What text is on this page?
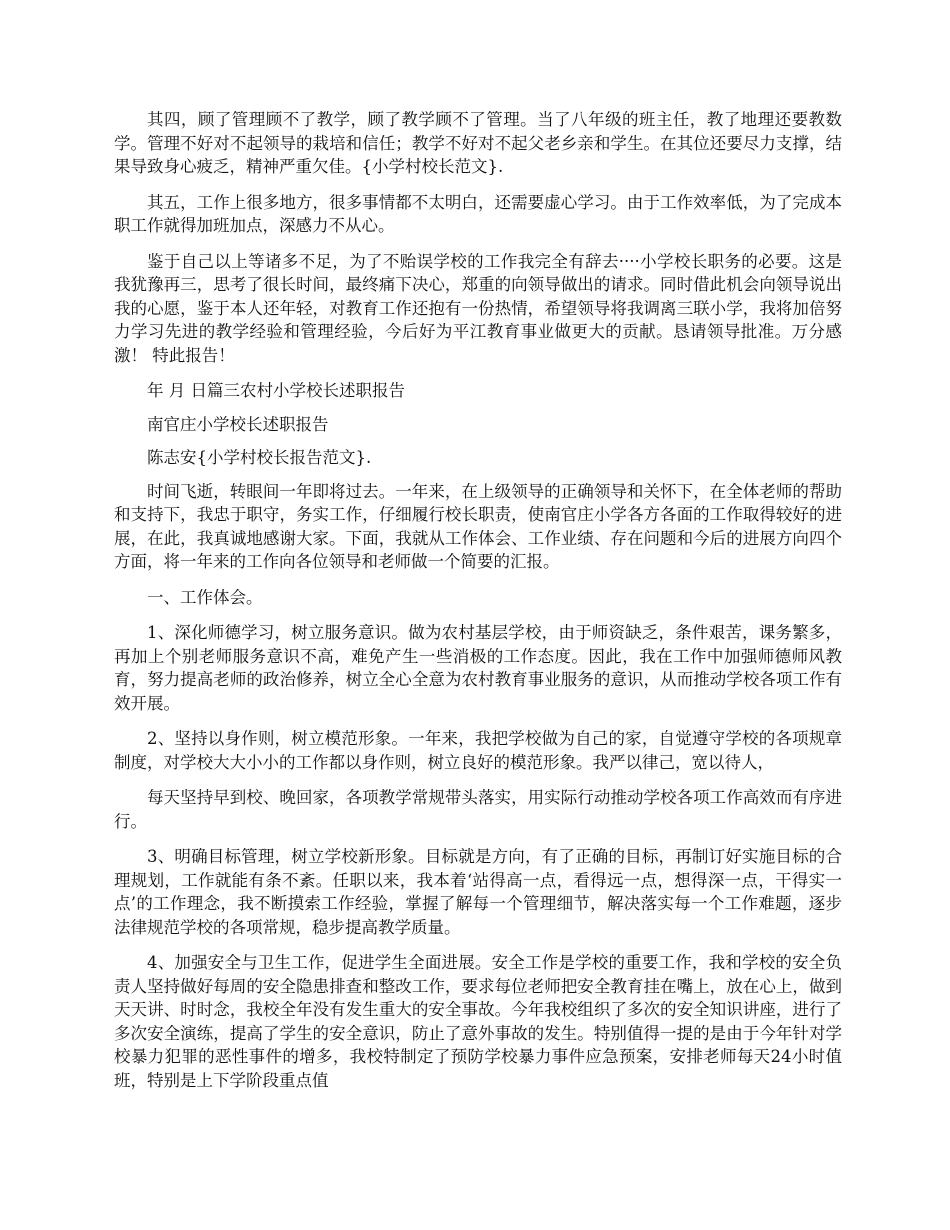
其四，顾了管理顾不了教学，顾了教学顾不了管理。当了八年级的班主任，教了地理还要教数学。管理不好对不起领导的栽培和信任；教学不好对不起父老乡亲和学生。在其位还要尽力支撑，结果导致身心疲乏，精神严重欠佳。{小学村校长范文}.

其五，工作上很多地方，很多事情都不太明白，还需要虚心学习。由于工作效率低，为了完成本职工作就得加班加点，深感力不从心。

鉴于自己以上等诸多不足，为了不贻误学校的工作我完全有辞去····小学校长职务的必要。这是我犹豫再三，思考了很长时间，最终痛下决心，郑重的向领导做出的请求。同时借此机会向领导说出我的心愿，鉴于本人还年轻，对教育工作还抱有一份热情，希望领导将我调离三联小学，我将加倍努力学习先进的教学经验和管理经验，今后好为平江教育事业做更大的贡献。恳请领导批准。万分感激！ 特此报告！

年 月 日篇三农村小学校长述职报告

南官庄小学校长述职报告

陈志安{小学村校长报告范文}.

时间飞逝，转眼间一年即将过去。一年来，在上级领导的正确领导和关怀下，在全体老师的帮助和支持下，我忠于职守，务实工作，仔细履行校长职责，使南官庄小学各方各面的工作取得较好的进展，在此，我真诚地感谢大家。下面，我就从工作体会、工作业绩、存在问题和今后的进展方向四个方面，将一年来的工作向各位领导和老师做一个简要的汇报。

一、工作体会。

1、深化师德学习，树立服务意识。做为农村基层学校，由于师资缺乏，条件艰苦，课务繁多，再加上个别老师服务意识不高，难免产生一些消极的工作态度。因此，我在工作中加强师德师风教育，努力提高老师的政治修养，树立全心全意为农村教育事业服务的意识，从而推动学校各项工作有效开展。

2、坚持以身作则，树立模范形象。一年来，我把学校做为自己的家，自觉遵守学校的各项规章制度，对学校大大小小的工作都以身作则，树立良好的模范形象。我严以律己，宽以待人，

每天坚持早到校、晚回家，各项教学常规带头落实，用实际行动推动学校各项工作高效而有序进行。

3、明确目标管理，树立学校新形象。目标就是方向，有了正确的目标，再制订好实施目标的合理规划，工作就能有条不紊。任职以来，我本着‘站得高一点，看得远一点，想得深一点，干得实一点’的工作理念，我不断摸索工作经验，掌握了解每一个管理细节，解决落实每一个工作难题，逐步法律规范学校的各项常规，稳步提高教学质量。

4、加强安全与卫生工作，促进学生全面进展。安全工作是学校的重要工作，我和学校的安全负责人坚持做好每周的安全隐患排查和整改工作，要求每位老师把安全教育挂在嘴上，放在心上，做到天天讲、时时念，我校全年没有发生重大的安全事故。今年我校组织了多次的安全知识讲座，进行了多次安全演练，提高了学生的安全意识，防止了意外事故的发生。特别值得一提的是由于今年针对学校暴力犯罪的恶性事件的增多，我校特制定了预防学校暴力事件应急预案，安排老师每天24小时值班，特别是上下学阶段重点值
